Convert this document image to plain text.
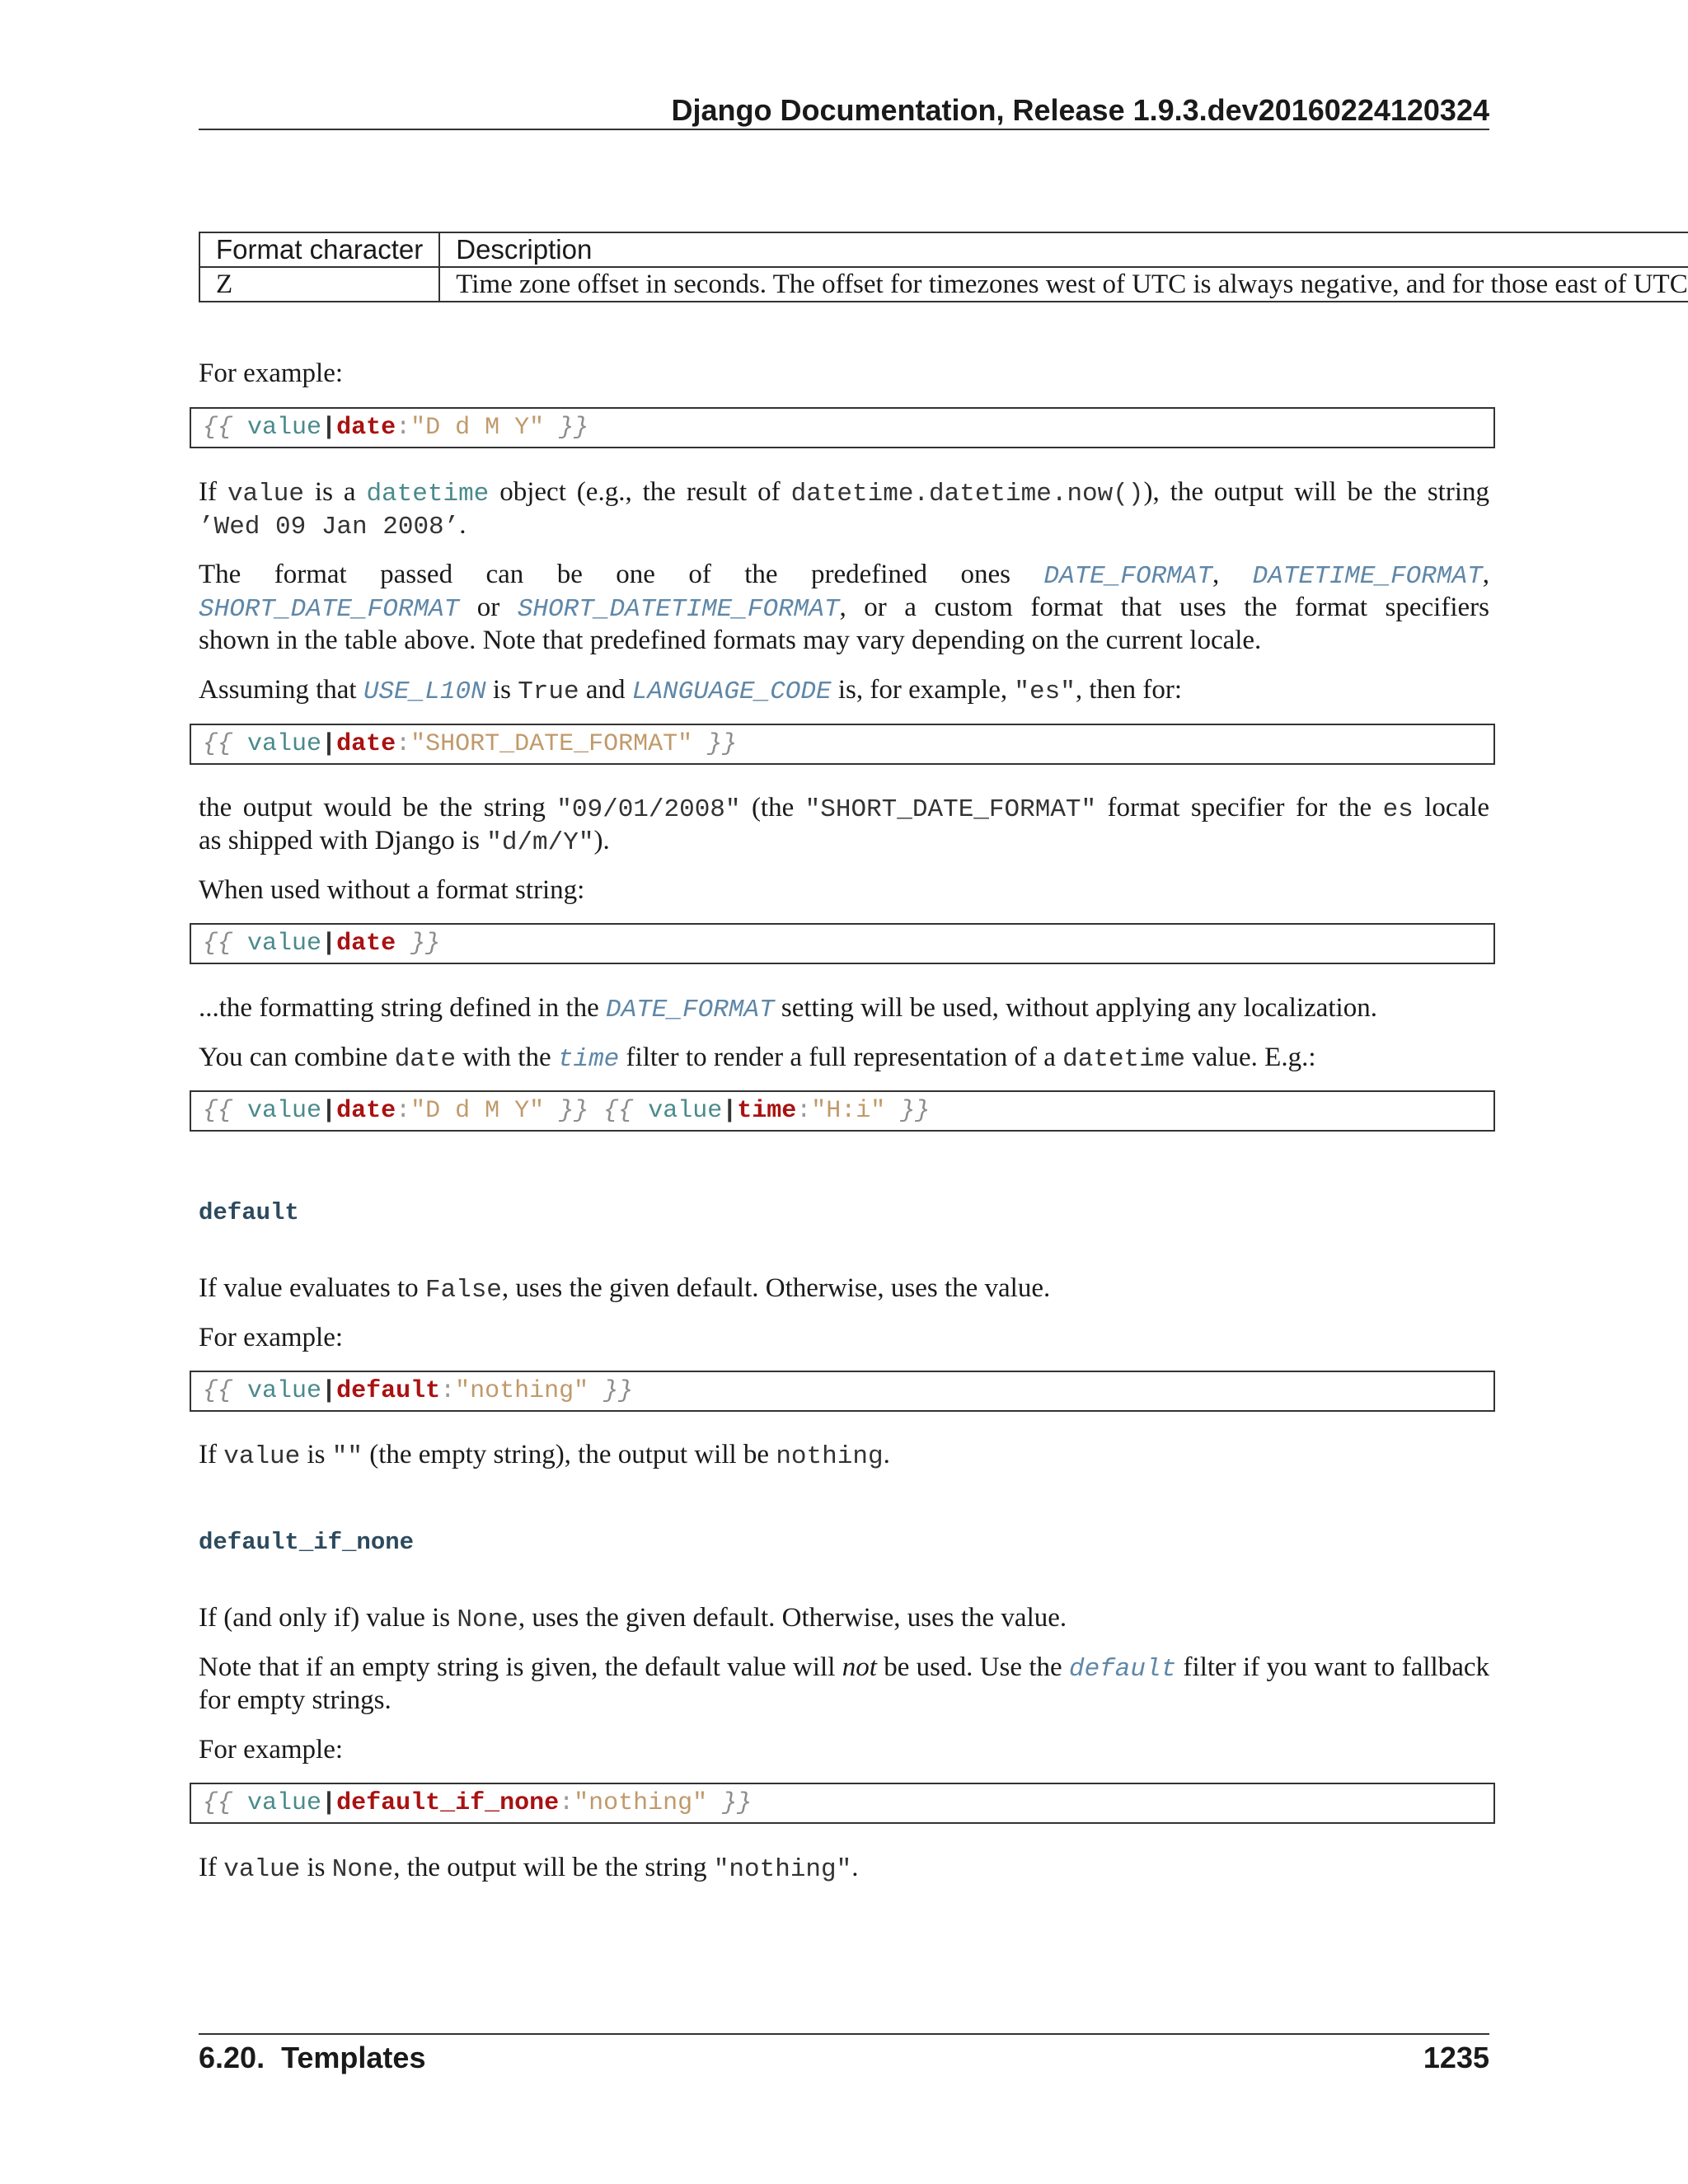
Django Documentation, Release 1.9.3.dev20160224120324
Format character	Description
Z	Time zone offset in seconds. The offset for timezones west of UTC is always negative, and for those east of UTC

For example:

{{ value|date:"D d M Y" }}
If value is a datetime object (e.g., the result of datetime.datetime.now()), the output will be the string
’Wed 09 Jan 2008’.
The format passed can be one of the predefined ones DATE_FORMAT, DATETIME_FORMAT,
SHORT_DATE_FORMAT or SHORT_DATETIME_FORMAT, or a custom format that uses the format specifiers
shown in the table above. Note that predefined formats may vary depending on the current locale.
Assuming that USE_L10N is True and LANGUAGE_CODE is, for example, "es", then for:
{{ value|date:"SHORT_DATE_FORMAT" }}
the output would be the string "09/01/2008" (the "SHORT_DATE_FORMAT" format specifier for the es locale
as shipped with Django is "d/m/Y").
When used without a format string:
{{ value|date }}
...the formatting string defined in the DATE_FORMAT setting will be used, without applying any localization.
You can combine date with the time filter to render a full representation of a datetime value. E.g.:
{{ value|date:"D d M Y" }} {{ value|time:"H:i" }}
default
If value evaluates to False, uses the given default. Otherwise, uses the value.
For example:
{{ value|default:"nothing" }}
If value is "" (the empty string), the output will be nothing.
default_if_none
If (and only if) value is None, uses the given default. Otherwise, uses the value.
Note that if an empty string is given, the default value will not be used. Use the default filter if you want to fallback
for empty strings.
For example:
{{ value|default_if_none:"nothing" }}
If value is None, the output will be the string "nothing".
6.20.  Templates	1235
